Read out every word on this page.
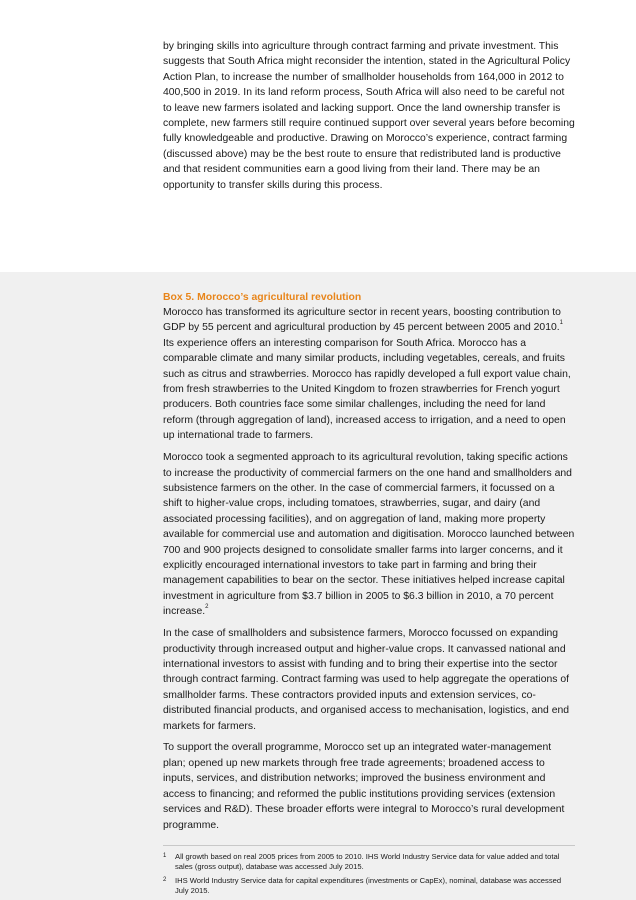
by bringing skills into agriculture through contract farming and private investment. This suggests that South Africa might reconsider the intention, stated in the Agricultural Policy Action Plan, to increase the number of smallholder households from 164,000 in 2012 to 400,500 in 2019. In its land reform process, South Africa will also need to be careful not to leave new farmers isolated and lacking support. Once the land ownership transfer is complete, new farmers still require continued support over several years before becoming fully knowledgeable and productive. Drawing on Morocco’s experience, contract farming (discussed above) may be the best route to ensure that redistributed land is productive and that resident communities earn a good living from their land. There may be an opportunity to transfer skills during this process.

Box 5. Morocco’s agricultural revolution

Morocco has transformed its agriculture sector in recent years, boosting contribution to GDP by 55 percent and agricultural production by 45 percent between 2005 and 2010.$^1$ Its experience offers an interesting comparison for South Africa. Morocco has a comparable climate and many similar products, including vegetables, cereals, and fruits such as citrus and strawberries. Morocco has rapidly developed a full export value chain, from fresh strawberries to the United Kingdom to frozen strawberries for French yogurt producers. Both countries face some similar challenges, including the need for land reform (through aggregation of land), increased access to irrigation, and a need to open up international trade to farmers.

Morocco took a segmented approach to its agricultural revolution, taking specific actions to increase the productivity of commercial farmers on the one hand and smallholders and subsistence farmers on the other. In the case of commercial farmers, it focussed on a shift to higher-value crops, including tomatoes, strawberries, sugar, and dairy (and associated processing facilities), and on aggregation of land, making more property available for commercial use and automation and digitisation. Morocco launched between 700 and 900 projects designed to consolidate smaller farms into larger concerns, and it explicitly encouraged international investors to take part in farming and bring their management capabilities to bear on the sector. These initiatives helped increase capital investment in agriculture from $3.7 billion in 2005 to $6.3 billion in 2010, a 70 percent increase.$^2$

In the case of smallholders and subsistence farmers, Morocco focussed on expanding productivity through increased output and higher-value crops. It canvassed national and international investors to assist with funding and to bring their expertise into the sector through contract farming. Contract farming was used to help aggregate the operations of smallholder farms. These contractors provided inputs and extension services, co-distributed financial products, and organised access to mechanisation, logistics, and end markets for farmers.

To support the overall programme, Morocco set up an integrated water-management plan; opened up new markets through free trade agreements; broadened access to inputs, services, and distribution networks; improved the business environment and access to financing; and reformed the public institutions providing services (extension services and R&D). These broader efforts were integral to Morocco’s rural development programme.

1	All growth based on real 2005 prices from 2005 to 2010. IHS World Industry Service data for value added and total sales (gross output), database was accessed July 2015.
2	IHS World Industry Service data for capital expenditures (investments or CapEx), nominal, database was accessed July 2015.
